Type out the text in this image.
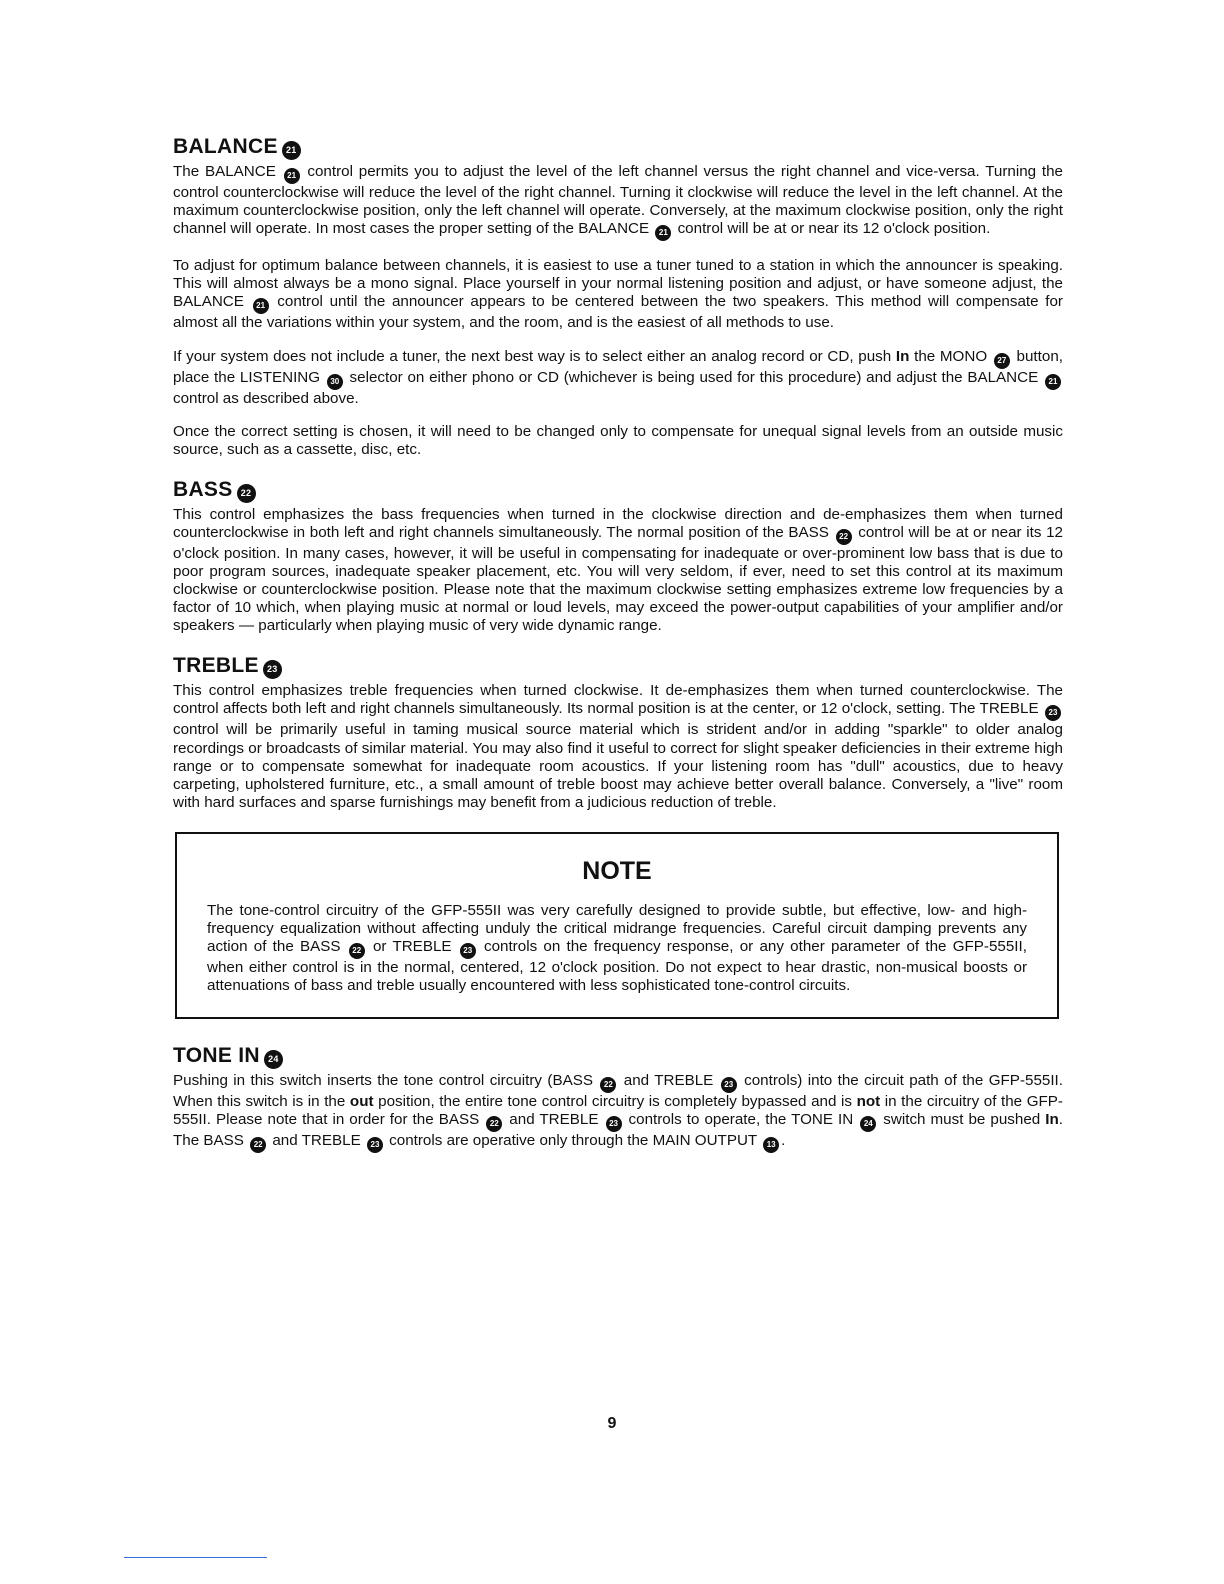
BALANCE 21

The BALANCE 21 control permits you to adjust the level of the left channel versus the right channel and vice-versa. Turning the control counterclockwise will reduce the level of the right channel. Turning it clockwise will reduce the level in the left channel. At the maximum counterclockwise position, only the left channel will operate. Conversely, at the maximum clockwise position, only the right channel will operate. In most cases the proper setting of the BALANCE 21 control will be at or near its 12 o'clock position.

To adjust for optimum balance between channels, it is easiest to use a tuner tuned to a station in which the announcer is speaking. This will almost always be a mono signal. Place yourself in your normal listening position and adjust, or have someone adjust, the BALANCE 21 control until the announcer appears to be centered between the two speakers. This method will compensate for almost all the variations within your system, and the room, and is the easiest of all methods to use.

If your system does not include a tuner, the next best way is to select either an analog record or CD, push In the MONO 27 button, place the LISTENING 30 selector on either phono or CD (whichever is being used for this procedure) and adjust the BALANCE 21 control as described above.

Once the correct setting is chosen, it will need to be changed only to compensate for unequal signal levels from an outside music source, such as a cassette, disc, etc.

BASS 22

This control emphasizes the bass frequencies when turned in the clockwise direction and de-emphasizes them when turned counterclockwise in both left and right channels simultaneously. The normal position of the BASS 22 control will be at or near its 12 o'clock position. In many cases, however, it will be useful in compensating for inadequate or over-prominent low bass that is due to poor program sources, inadequate speaker placement, etc. You will very seldom, if ever, need to set this control at its maximum clockwise or counterclockwise position. Please note that the maximum clockwise setting emphasizes extreme low frequencies by a factor of 10 which, when playing music at normal or loud levels, may exceed the power-output capabilities of your amplifier and/or speakers — particularly when playing music of very wide dynamic range.

TREBLE 23

This control emphasizes treble frequencies when turned clockwise. It de-emphasizes them when turned counterclockwise. The control affects both left and right channels simultaneously. Its normal position is at the center, or 12 o'clock, setting. The TREBLE 23 control will be primarily useful in taming musical source material which is strident and/or in adding "sparkle" to older analog recordings or broadcasts of similar material. You may also find it useful to correct for slight speaker deficiencies in their extreme high range or to compensate somewhat for inadequate room acoustics. If your listening room has "dull" acoustics, due to heavy carpeting, upholstered furniture, etc., a small amount of treble boost may achieve better overall balance. Conversely, a "live" room with hard surfaces and sparse furnishings may benefit from a judicious reduction of treble.

NOTE

The tone-control circuitry of the GFP-555II was very carefully designed to provide subtle, but effective, low- and high-frequency equalization without affecting unduly the critical midrange frequencies. Careful circuit damping prevents any action of the BASS 22 or TREBLE 23 controls on the frequency response, or any other parameter of the GFP-555II, when either control is in the normal, centered, 12 o'clock position. Do not expect to hear drastic, non-musical boosts or attenuations of bass and treble usually encountered with less sophisticated tone-control circuits.

TONE IN 24

Pushing in this switch inserts the tone control circuitry (BASS 22 and TREBLE 23 controls) into the circuit path of the GFP-555II. When this switch is in the out position, the entire tone control circuitry is completely bypassed and is not in the circuitry of the GFP-555II. Please note that in order for the BASS 22 and TREBLE 23 controls to operate, the TONE IN 24 switch must be pushed In. The BASS 22 and TREBLE 23 controls are operative only through the MAIN OUTPUT 13 .

9
